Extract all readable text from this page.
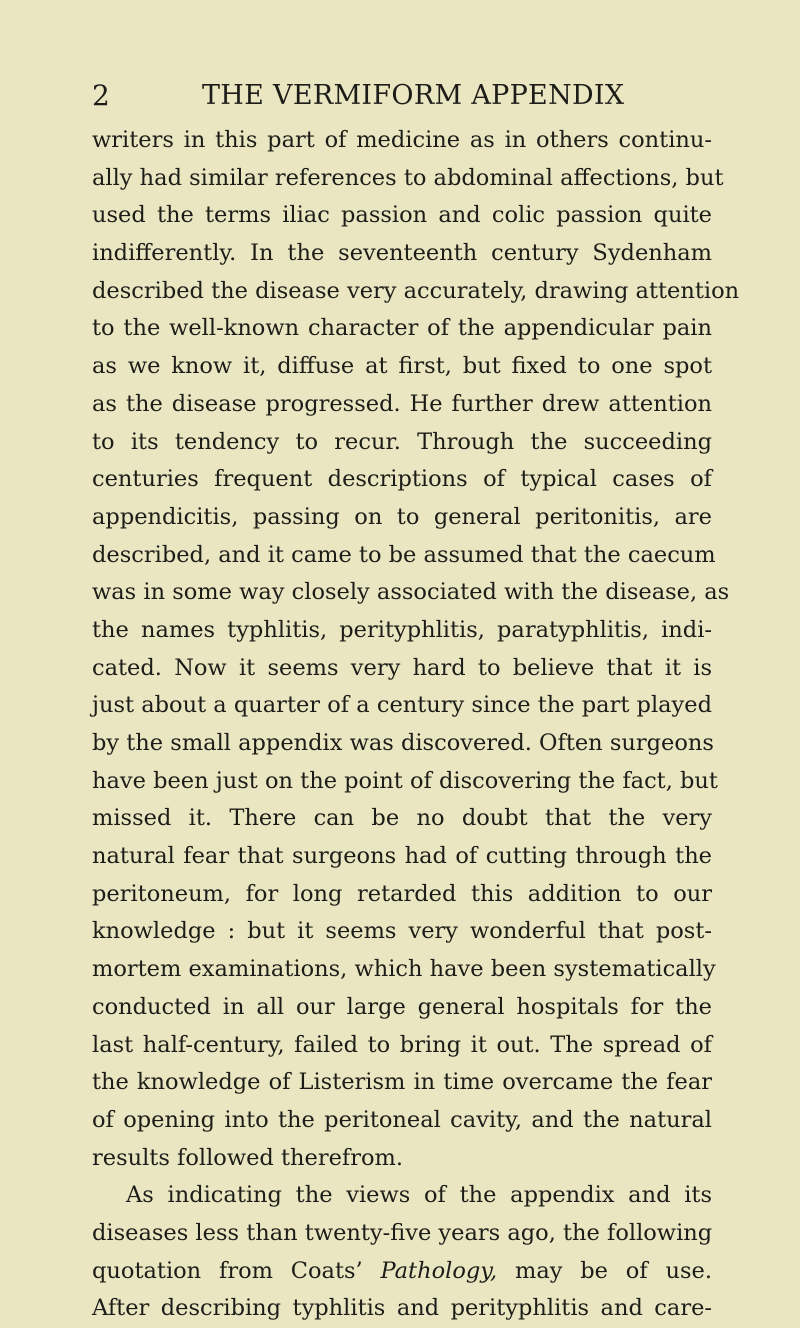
2	THE VERMIFORM APPENDIX
writers in this part of medicine as in others continu-
ally had similar references to abdominal affections, but
used the terms iliac passion and colic passion quite
indifferently. In the seventeenth century Sydenham
described the disease very accurately, drawing attention
to the well-known character of the appendicular pain
as we know it, diffuse at first, but fixed to one spot
as the disease progressed. He further drew attention
to its tendency to recur. Through the succeeding
centuries frequent descriptions of typical cases of
appendicitis, passing on to general peritonitis, are
described, and it came to be assumed that the caecum
was in some way closely associated with the disease, as
the names typhlitis, perityphlitis, paratyphlitis, indi-
cated. Now it seems very hard to believe that it is
just about a quarter of a century since the part played
by the small appendix was discovered. Often surgeons
have been just on the point of discovering the fact, but
missed it. There can be no doubt that the very
natural fear that surgeons had of cutting through the
peritoneum, for long retarded this addition to our
knowledge : but it seems very wonderful that post-
mortem examinations, which have been systematically
conducted in all our large general hospitals for the
last half-century, failed to bring it out. The spread of
the knowledge of Listerism in time overcame the fear
of opening into the peritoneal cavity, and the natural
results followed therefrom.
As indicating the views of the appendix and its
diseases less than twenty-five years ago, the following
quotation from Coats’ Pathology, may be of use.
After describing typhlitis and perityphlitis and care-
